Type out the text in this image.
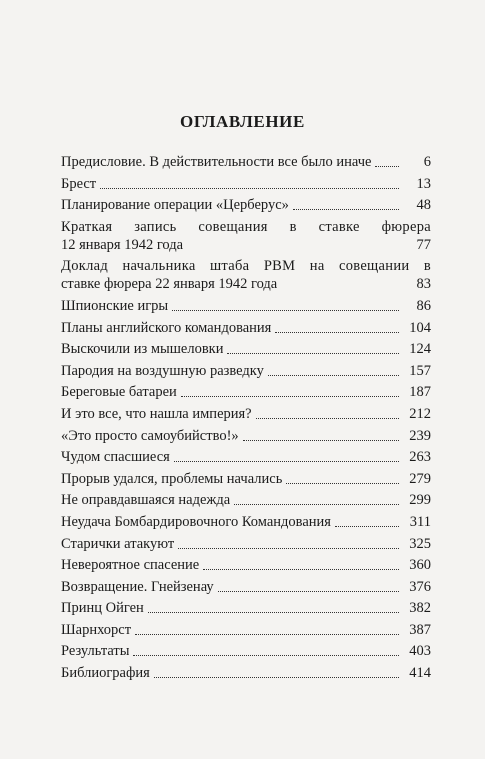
ОГЛАВЛЕНИЕ
Предисловие. В действительности все было иначе	6
Брест	13
Планирование операции «Церберус»	48
Краткая запись совещания в ставке фюрера
12 января 1942 года	77
Доклад начальника штаба РВМ на совещании в
ставке фюрера 22 января 1942 года	83
Шпионские игры	86
Планы английского командования	104
Выскочили из мышеловки	124
Пародия на воздушную разведку	157
Береговые батареи	187
И это все, что нашла империя?	212
«Это просто самоубийство!»	239
Чудом спасшиеся	263
Прорыв удался, проблемы начались	279
Не оправдавшаяся надежда	299
Неудача Бомбардировочного Командования	311
Старички атакуют	325
Невероятное спасение	360
Возвращение. Гнейзенау	376
Принц Ойген	382
Шарнхорст	387
Результаты	403
Библиография	414
